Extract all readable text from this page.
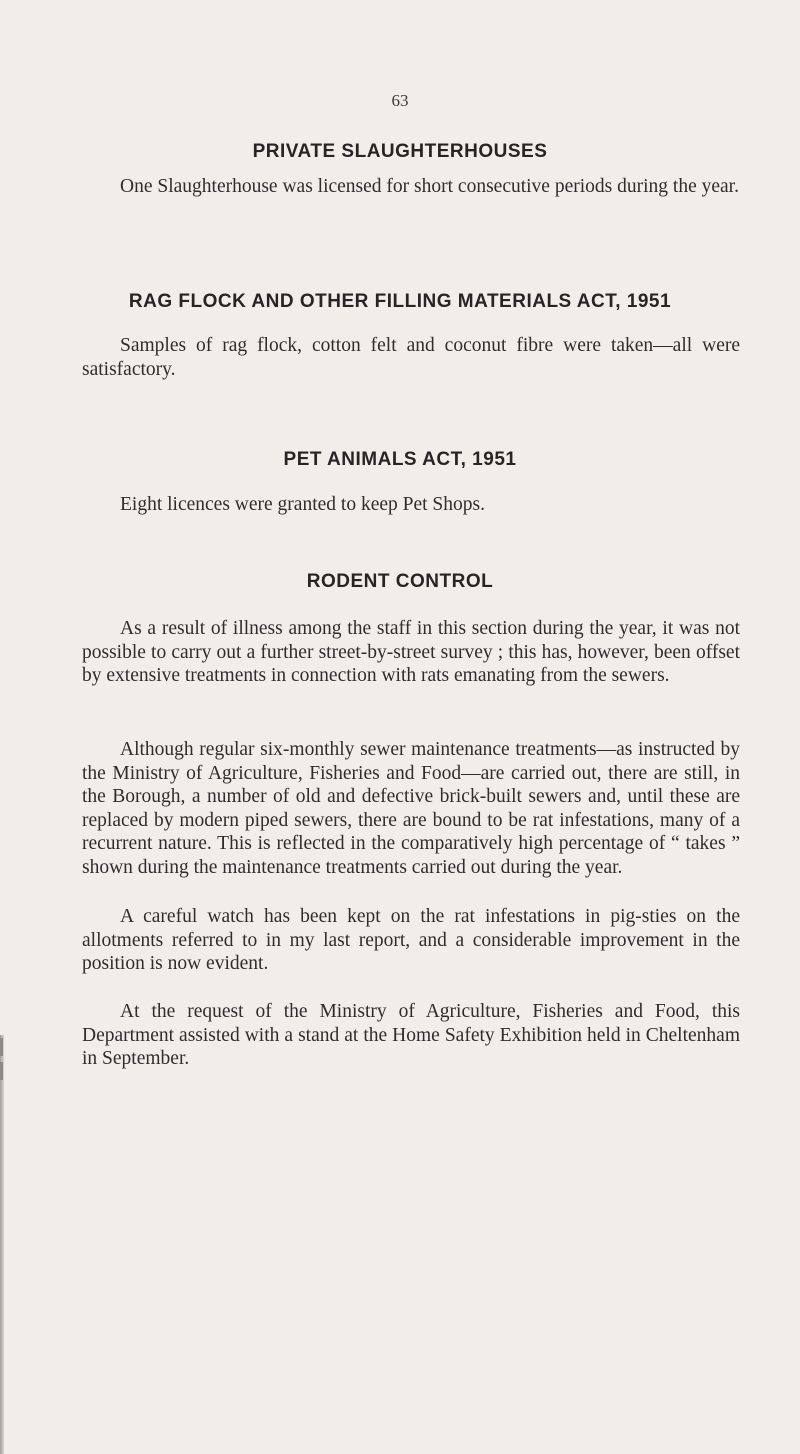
63
PRIVATE SLAUGHTERHOUSES

One Slaughterhouse was licensed for short consecutive periods during the year.

RAG FLOCK AND OTHER FILLING MATERIALS ACT, 1951

Samples of rag flock, cotton felt and coconut fibre were taken—all were satisfactory.

PET ANIMALS ACT, 1951

Eight licences were granted to keep Pet Shops.

RODENT CONTROL

As a result of illness among the staff in this section during the year, it was not possible to carry out a further street-by-street survey ; this has, however, been offset by extensive treatments in connection with rats emanating from the sewers.

Although regular six-monthly sewer maintenance treatments—as instructed by the Ministry of Agriculture, Fisheries and Food—are carried out, there are still, in the Borough, a number of old and defective brick-built sewers and, until these are replaced by modern piped sewers, there are bound to be rat infestations, many of a recurrent nature. This is reflected in the comparatively high percentage of “ takes ” shown during the maintenance treatments carried out during the year.

A careful watch has been kept on the rat infestations in pig-sties on the allotments referred to in my last report, and a considerable improvement in the position is now evident.

At the request of the Ministry of Agriculture, Fisheries and Food, this Department assisted with a stand at the Home Safety Exhibition held in Cheltenham in September.
